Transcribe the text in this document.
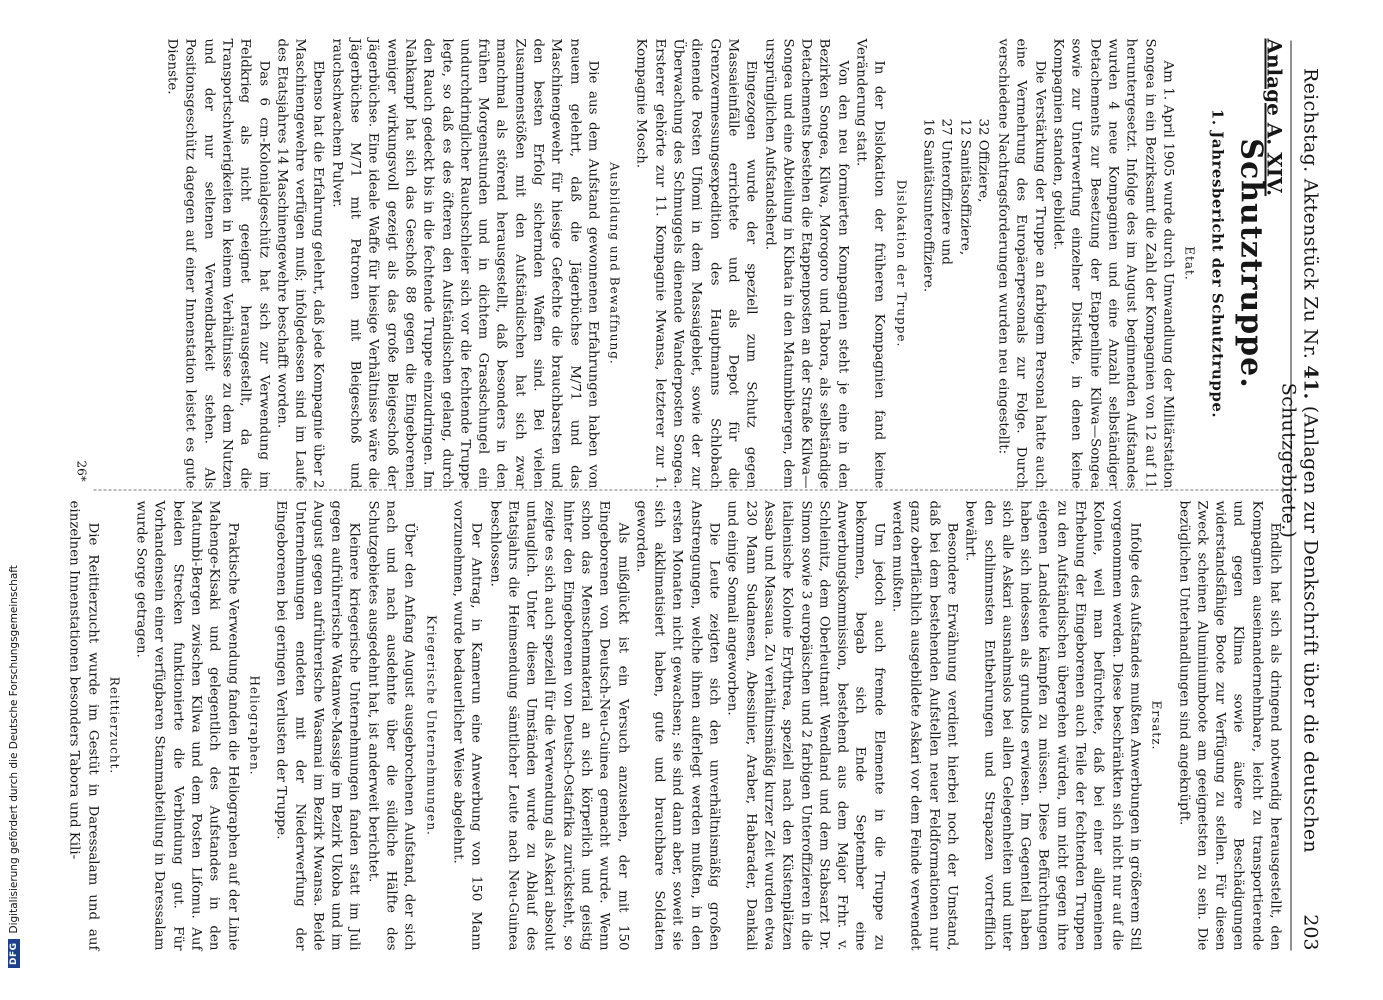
Reichstag. Aktenstück Zu Nr. 41. (Anlagen zur Denkschrift über die deutschen Schutzgebiete.)
203
Anlage A. XIV.
Schutztruppe.
1. Jahresbericht der Schutztruppe.
Etat.

Am 1. April 1905 wurde durch Umwandlung der Militärstation Songea in ein Bezirksamt die Zahl der Kompagnien von 12 auf 11 heruntergesetzt. Infolge des im August beginnenden Aufstandes wurden 4 neue Kompagnien und eine Anzahl selbständiger Detachements zur Besetzung der Etappenlinie Kilwa—Songea sowie zur Unterwerfung einzelner Distrikte, in denen keine Kompagnien standen, gebildet.

Die Verstärkung der Truppe an farbigem Personal hatte auch eine Vermehrung des Europäerpersonals zur Folge. Durch verschiedene Nachtragsforderungen wurden neu eingestellt:

32 Offiziere,
12 Sanitätsoffiziere,
27 Unteroffiziere und
16 Sanitätsunteroffiziere.
Dislokation der Truppe.

In der Dislokation der früheren Kompagnien fand keine Veränderung statt.

Von den neu formierten Kompagnien steht je eine in den Bezirken Songea, Kilwa, Morogoro und Tabora, als selbständige Detachements bestehen die Etappenposten an der Straße Kilwa—Songea und eine Abteilung in Kibata in den Matumbibergen, dem ursprünglichen Aufstandsherd.

Eingezogen wurde der speziell zum Schutz gegen Massaieinfälle errichtete und als Depot für die Grenzvermessungsexpedition des Hauptmanns Schlobach dienende Posten Ufiomi in dem Massaigebiet, sowie der zur Überwachung des Schmuggels dienende Wanderposten Songea. Ersterer gehörte zur 11. Kompagnie Mwansa, letzterer zur 1. Kompagnie Mosch.

Ausbildung und Bewaffnung.

Die aus dem Aufstand gewonnenen Erfahrungen haben von neuem gelehrt, daß die Jägerbüchse M/71 und das Maschinengewehr für hiesige Gefechte die brauchbarsten und den besten Erfolg sichernden Waffen sind. Bei vielen Zusammenstößen mit den Aufständischen hat sich zwar manchmal als störend herausgestellt, daß besonders in den frühen Morgenstunden und in dichtem Grasdschungel ein undurchdringlicher Rauchschleier sich vor die fechtende Truppe legte, so daß es des öfteren den Aufständischen gelang, durch den Rauch gedeckt bis in die fechtende Truppe einzudringen. Im Nahkampf hat sich das Geschoß 88 gegen die Eingeborenen weniger wirkungsvoll gezeigt als das große Bleigeschoß der Jägerbüchse. Eine ideale Waffe für hiesige Verhältnisse wäre die Jägerbüchse M/71 mit Patronen mit Bleigeschoß und rauchschwachem Pulver.

Ebenso hat die Erfahrung gelehrt, daß jede Kompagnie über 2 Maschinengewehre verfügen muß; infolgedessen sind im Laufe des Etatsjahres 14 Maschinengewehre beschafft worden.

Das 6 cm-Kolonialgeschütz hat sich zur Verwendung im Feldkrieg als nicht geeignet herausgestellt, da die Transportschwierigkeiten in keinem Verhältnisse zu dem Nutzen und der nur seltenen Verwendbarkeit stehen. Als Positionsgeschütz dagegen auf einer Innenstation leistet es gute Dienste.

Endlich hat sich als dringend notwendig herausgestellt, den Kompagnien auseinandernehmbare, leicht zu transportierende und gegen Klima sowie äußere Beschädigungen widerstandsfähige Boote zur Verfügung zu stellen. Für diesen Zweck scheinen Aluminiumboote am geeignetsten zu sein. Die bezüglichen Unterhandlungen sind angeknüpft.

Ersatz.

Infolge des Aufstandes mußten Anwerbungen in größerem Stil vorgenommen werden. Diese beschränkten sich nicht nur auf die Kolonie, weil man befürchtete, daß bei einer allgemeinen Erhebung der Eingeborenen auch Teile der fechtenden Truppen zu den Aufständischen übergehen würden, um nicht gegen ihre eigenen Landsleute kämpfen zu müssen. Diese Befürchtungen haben sich indessen als grundlos erwiesen. Im Gegenteil haben sich alle Askari ausnahmslos bei allen Gelegenheiten und unter den schlimmsten Entbehrungen und Strapazen vortrefflich bewährt.

Besondere Erwähnung verdient hierbei noch der Umstand, daß bei dem bestehenden Aufstellen neuer Feldformationen nur ganz oberflächlich ausgebildete Askari vor dem Feinde verwendet werden mußten.

Um jedoch auch fremde Elemente in die Truppe zu bekommen, begab sich Ende September eine Anwerbungskommission, bestehend aus dem Major Frhr. v. Schleinitz, dem Oberleutnant Wendland und dem Stabsarzt Dr. Simon sowie 3 europäischen und 2 farbigen Unteroffizieren in die italienische Kolonie Erythrea, speziell nach den Küstenplätzen Assab und Massaua. Zu verhältnismäßig kurzer Zeit wurden etwa 230 Mann Sudanesen, Abessinier, Araber, Habarader, Dankali und einige Somali angeworben.

Die Leute zeigten sich den unverhältnismäßig großen Anstrengungen, welche ihnen auferlegt werden mußten, in den ersten Monaten nicht gewachsen; sie sind dann aber, soweit sie sich akklimatisiert haben, gute und brauchbare Soldaten geworden.

Als mißglückt ist ein Versuch anzusehen, der mit 150 Eingeborenen von Deutsch-Neu-Guinea gemacht wurde. Wenn schon das Menschenmaterial an sich körperlich und geistig hinter den Eingeborenen von Deutsch-Ostafrika zurücksteht, so zeigte es sich auch speziell für die Verwendung als Askari absolut untauglich. Unter diesen Umständen wurde zu Ablauf des Etatsjahrs die Heimsendung sämtlicher Leute nach Neu-Guinea beschlossen.

Der Antrag, in Kamerun eine Anwerbung von 150 Mann vorzunehmen, wurde bedauerlicher Weise abgelehnt.

Kriegerische Unternehmungen.

Über den Anfang August ausgebrochenen Aufstand, der sich nach und nach ausdehnte über die südliche Hälfte des Schutzgebietes ausgedehnt hat, ist anderweit berichtet.

Kleinere kriegerische Unternehmungen fanden statt im Juli gegen aufrührerische Watanwe-Massige im Bezirk Ukoba und im August gegen aufrührerische Wasamai im Bezirk Mwansa. Beide Unternehmungen endeten mit der Niederwerfung der Eingeborenen bei geringen Verlusten der Truppe.

Heliographen.

Praktische Verwendung fanden die Heliographen auf der Linie Mahenge-Kisaki und gelegentlich des Aufstandes in den Matumbi-Bergen zwischen Kilwa und dem Posten Lifomu. Auf beiden Strecken funktionierte die Verbindung gut. Für Vorhandensein einer verfügbaren Stammabteilung in Daressalam wurde Sorge getragen.

Reittierzucht.

Die Reittierzucht wurde im Gestüt in Daressalam und auf einzelnen Innenstationen besonders Tabora und Kili-

26*
DFG
Digitalisierung gefördert durch die Deutsche Forschungsgemeinschaft
